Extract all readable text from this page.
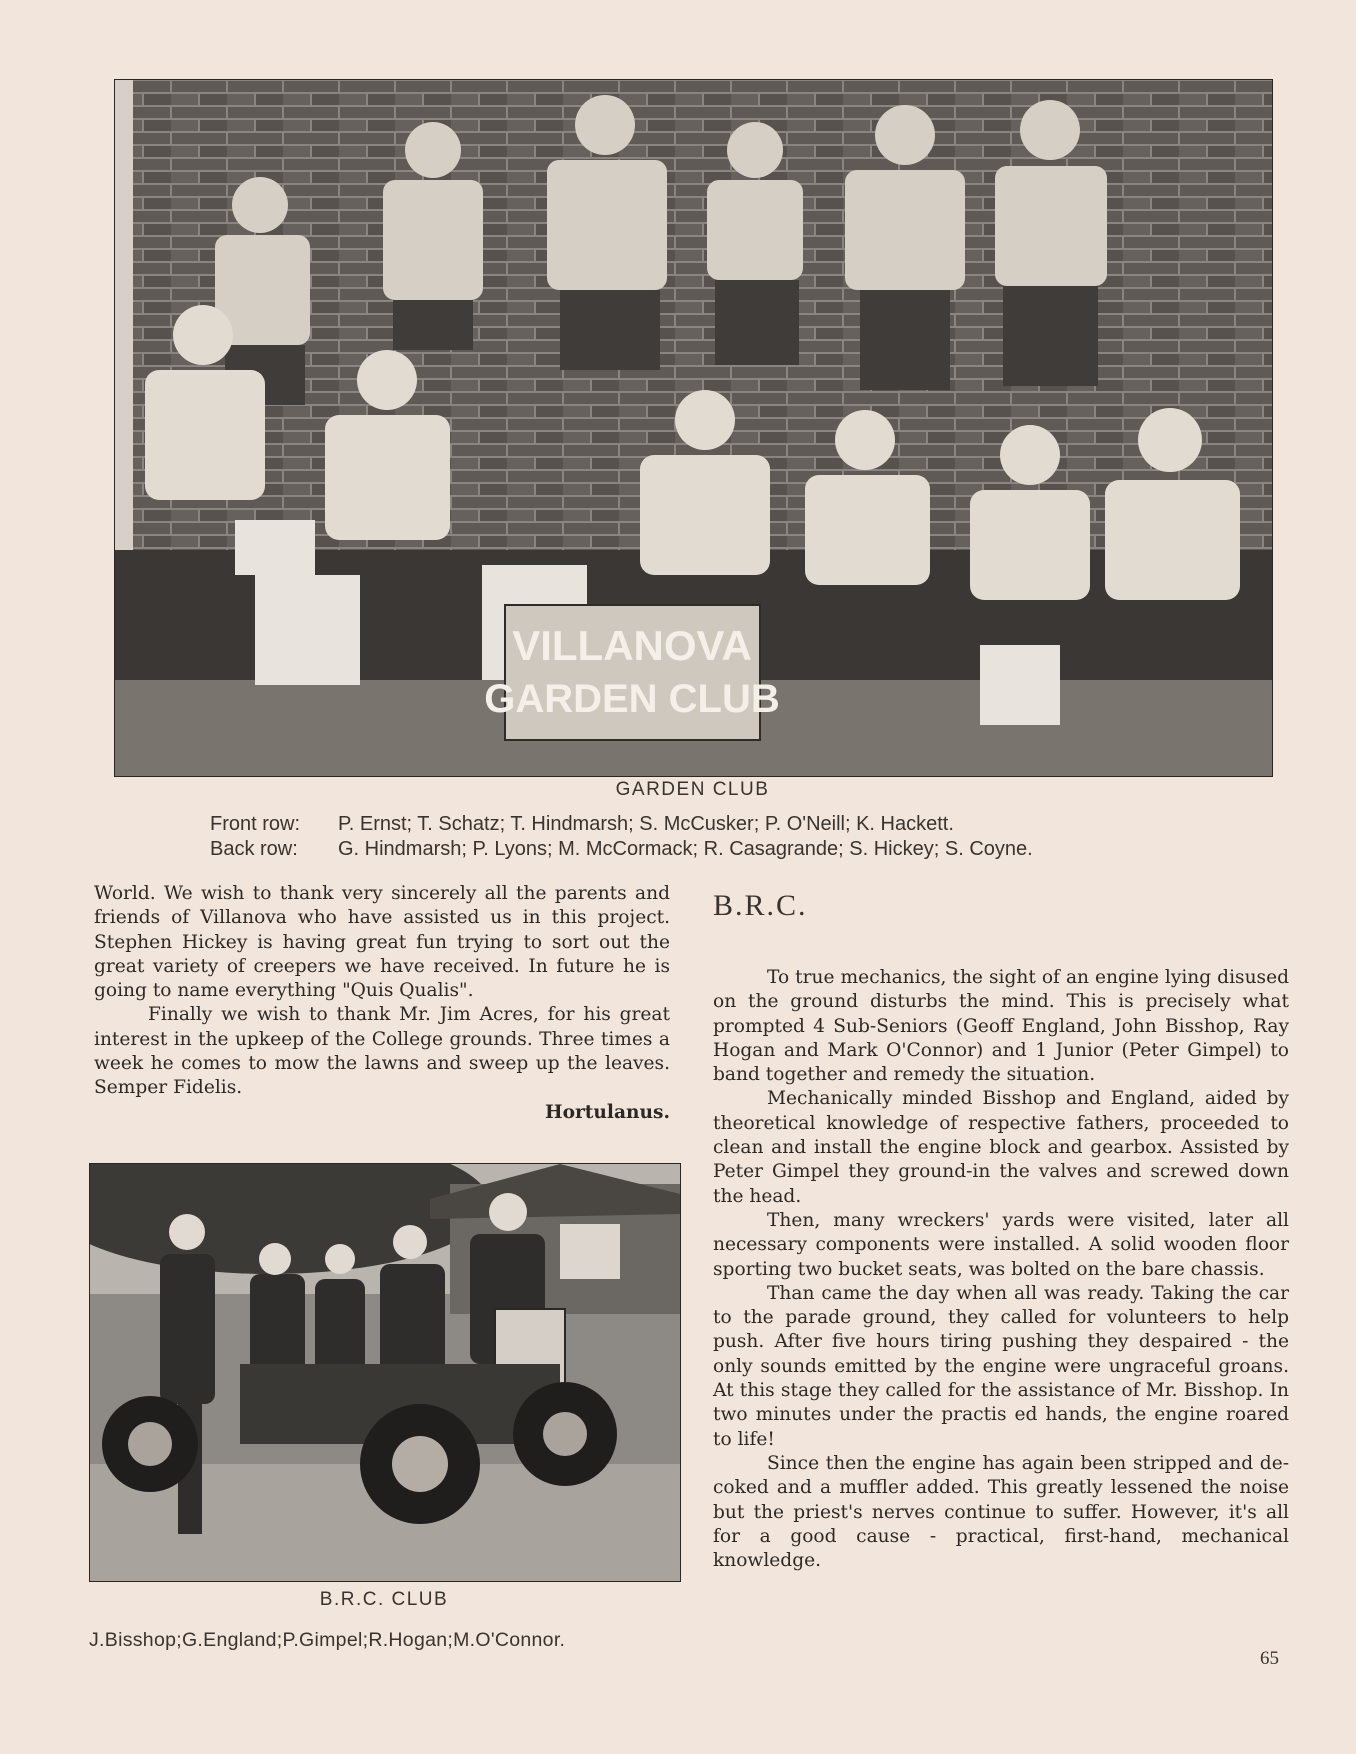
VILLANOVA
GARDEN CLUB
GARDEN CLUB
Front row:	P. Ernst; T. Schatz; T. Hindmarsh; S. McCusker; P. O'Neill; K. Hackett.
Back row:	G. Hindmarsh; P. Lyons; M. McCormack; R. Casagrande; S. Hickey; S. Coyne.

World. We wish to thank very sincerely all the parents and friends of Villanova who have assisted us in this project. Stephen Hickey is having great fun trying to sort out the great variety of creepers we have received. In future he is going to name everything "Quis Qualis".

Finally we wish to thank Mr. Jim Acres, for his great interest in the upkeep of the College grounds. Three times a week he comes to mow the lawns and sweep up the leaves. Semper Fidelis.

Hortulanus.

B.R.C. CLUB
J.Bisshop;G.England;P.Gimpel;R.Hogan;M.O'Connor.
B.R.C.

To true mechanics, the sight of an engine lying disused on the ground disturbs the mind. This is precisely what prompted 4 Sub-Seniors (Geoff England, John Bisshop, Ray Hogan and Mark O'Connor) and 1 Junior (Peter Gimpel) to band together and remedy the situation.

Mechanically minded Bisshop and England, aided by theoretical knowledge of respective fathers, proceeded to clean and install the engine block and gearbox. Assisted by Peter Gimpel they ground-in the valves and screwed down the head.

Then, many wreckers' yards were visited, later all necessary components were installed. A solid wooden floor sporting two bucket seats, was bolted on the bare chassis.

Than came the day when all was ready. Taking the car to the parade ground, they called for volunteers to help push. After five hours tiring pushing they despaired - the only sounds emitted by the engine were ungraceful groans. At this stage they called for the assistance of Mr. Bisshop. In two minutes under the practis ed hands, the engine roared to life!

Since then the engine has again been stripped and de-coked and a muffler added. This greatly lessened the noise but the priest's nerves continue to suffer. However, it's all for a good cause - practical, first-hand, mechanical knowledge.

65
